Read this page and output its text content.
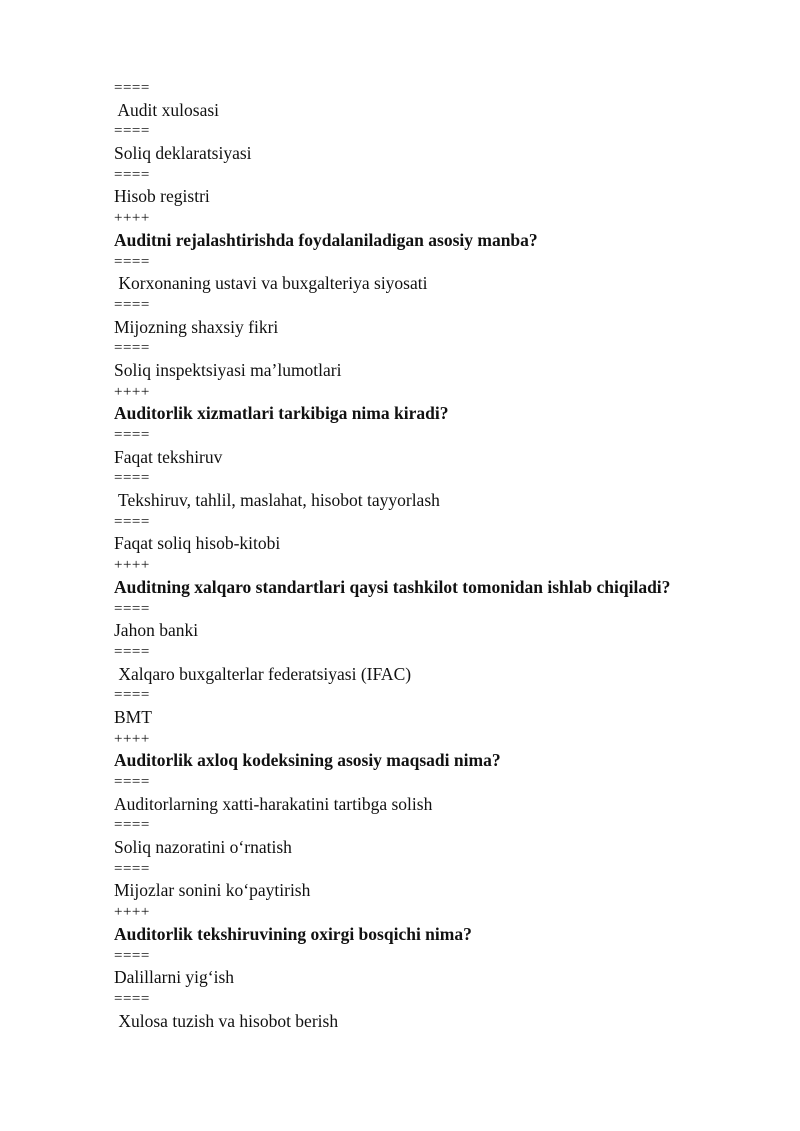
====
Audit xulosasi
====
Soliq deklaratsiyasi
====
Hisob registri
++++
Auditni rejalashtirishda foydalaniladigan asosiy manba?
====
Korxonaning ustavi va buxgalteriya siyosati
====
Mijozning shaxsiy fikri
====
Soliq inspektsiyasi ma’lumotlari
++++
Auditorlik xizmatlari tarkibiga nima kiradi?
====
Faqat tekshiruv
====
Tekshiruv, tahlil, maslahat, hisobot tayyorlash
====
Faqat soliq hisob-kitobi
++++
Auditning xalqaro standartlari qaysi tashkilot tomonidan ishlab chiqiladi?
====
Jahon banki
====
Xalqaro buxgalterlar federatsiyasi (IFAC)
====
BMT
++++
Auditorlik axloq kodeksining asosiy maqsadi nima?
====
Auditorlarning xatti-harakatini tartibga solish
====
Soliq nazoratini o‘rnatish
====
Mijozlar sonini ko‘paytirish
++++
Auditorlik tekshiruvining oxirgi bosqichi nima?
====
Dalillarni yig‘ish
====
Xulosa tuzish va hisobot berish
